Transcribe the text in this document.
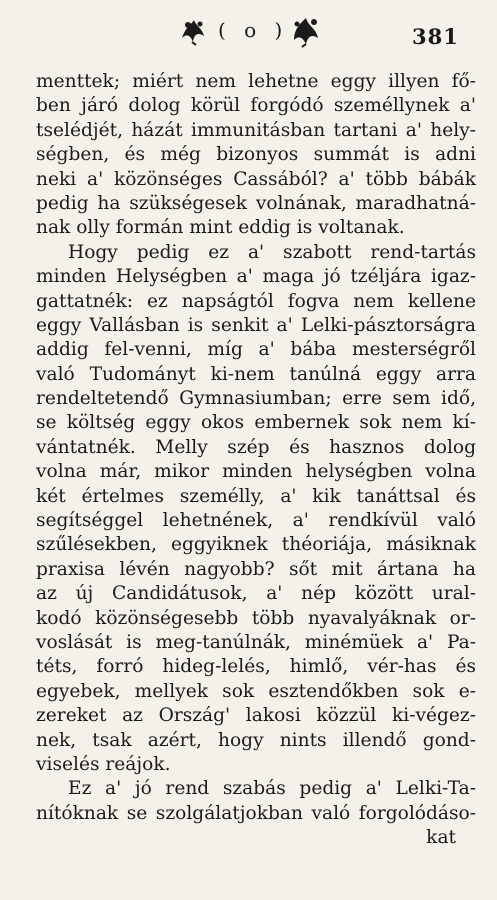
( o )	381
menttek; miért nem lehetne eggy illyen fő-
ben járó dolog körül forgódó személlynek a'
tselédjét, házát immunitásban tartani a' hely-
ségben, és még bizonyos summát is adni
neki a' közönséges Cassából? a' több bábák
pedig ha szükségesek volnának, maradhatná-
nak olly formán mint eddig is voltanak.
Hogy pedig ez a' szabott rend-tartás
minden Helységben a' maga jó tzéljára igaz-
gattatnék: ez napságtól fogva nem kellene
eggy Vallásban is senkit a' Lelki-pásztorságra
addig fel-venni, míg a' bába mesterségről
való Tudományt ki-nem tanúlná eggy arra
rendeltetendő Gymnasiumban; erre sem idő,
se költség eggy okos embernek sok nem kí-
vántatnék. Melly szép és hasznos dolog
volna már, mikor minden helységben volna
két értelmes személly, a' kik tanáttsal és
segítséggel lehetnének, a' rendkívül való
szűlésekben, eggyiknek théoriája, másiknak
praxisa lévén nagyobb? sőt mit ártana ha
az új Candidátusok, a' nép között ural-
kodó közönségesebb több nyavalyáknak or-
voslását is meg-tanúlnák, minémüek a' Pa-
téts, forró hideg-lelés, himlő, vér-has és
egyebek, mellyek sok esztendőkben sok e-
zereket az Ország' lakosi közzül ki-végez-
nek, tsak azért, hogy nints illendő gond-
viselés reájok.
Ez a' jó rend szabás pedig a' Lelki-Ta-
nítóknak se szolgálatjokban való forgolódáso-
kat
